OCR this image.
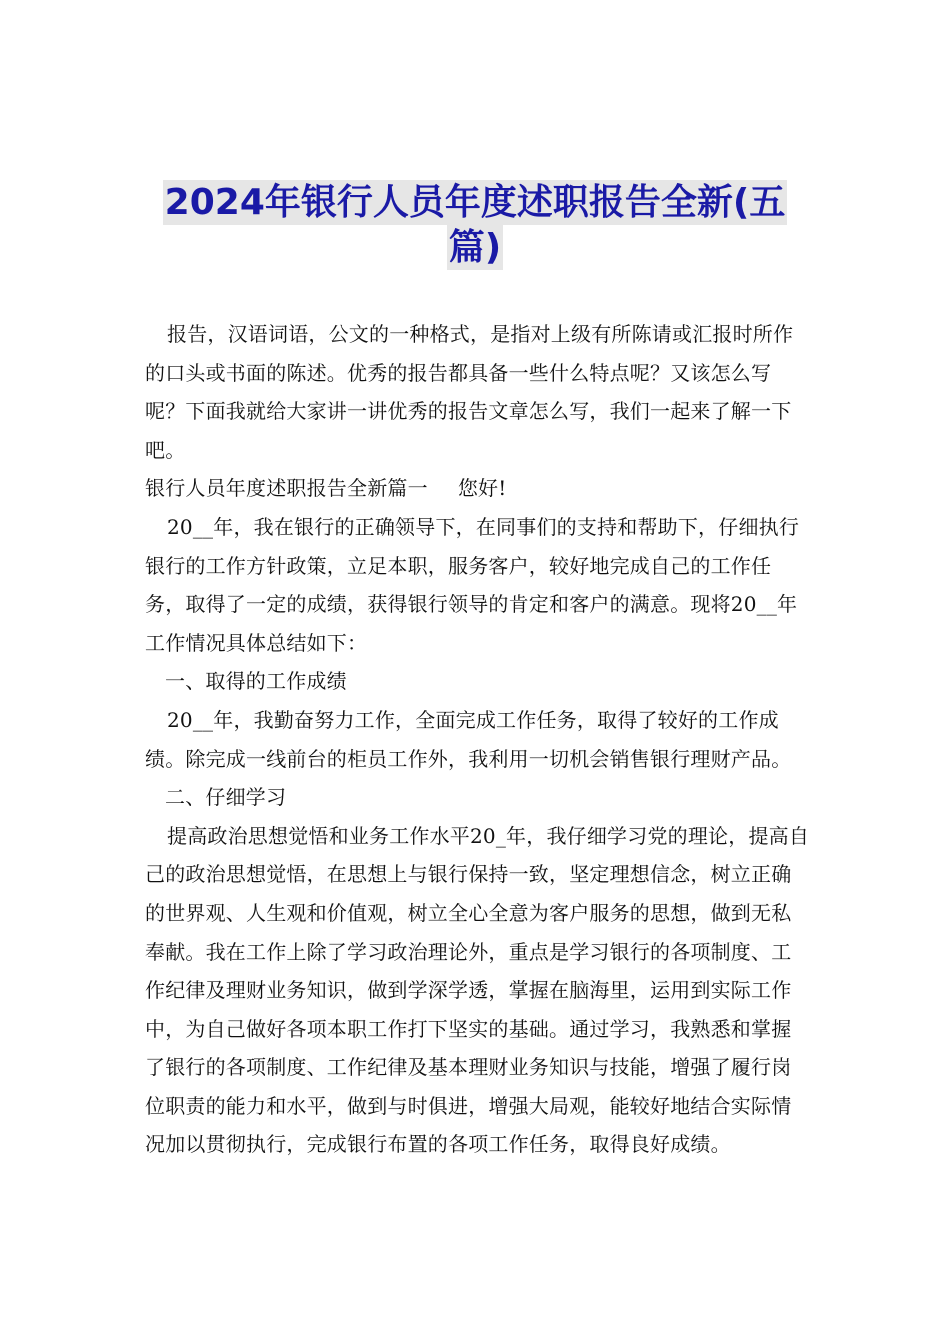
2024年银行人员年度述职报告全新(五
篇)

报告，汉语词语，公文的一种格式，是指对上级有所陈请或汇报时所作的口头或书面的陈述。优秀的报告都具备一些什么特点呢？又该怎么写呢？下面我就给大家讲一讲优秀的报告文章怎么写，我们一起来了解一下吧。

银行人员年度述职报告全新篇一 您好!

20__年，我在银行的正确领导下，在同事们的支持和帮助下，仔细执行银行的工作方针政策，立足本职，服务客户，较好地完成自己的工作任务，取得了一定的成绩，获得银行领导的肯定和客户的满意。现将20__年工作情况具体总结如下：

一、取得的工作成绩

20__年，我勤奋努力工作，全面完成工作任务，取得了较好的工作成绩。除完成一线前台的柜员工作外，我利用一切机会销售银行理财产品。

二、仔细学习

提高政治思想觉悟和业务工作水平20_年，我仔细学习党的理论，提高自己的政治思想觉悟，在思想上与银行保持一致，坚定理想信念，树立正确的世界观、人生观和价值观，树立全心全意为客户服务的思想，做到无私奉献。我在工作上除了学习政治理论外，重点是学习银行的各项制度、工作纪律及理财业务知识，做到学深学透，掌握在脑海里，运用到实际工作中，为自己做好各项本职工作打下坚实的基础。通过学习，我熟悉和掌握了银行的各项制度、工作纪律及基本理财业务知识与技能，增强了履行岗位职责的能力和水平，做到与时俱进，增强大局观，能较好地结合实际情况加以贯彻执行，完成银行布置的各项工作任务，取得良好成绩。
